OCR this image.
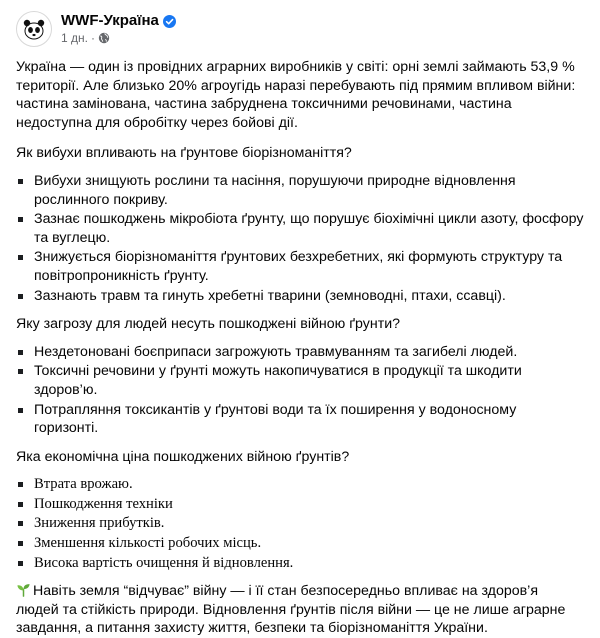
WWF-Україна
1 дн. ·

Україна — один із провідних аграрних виробників у світі: орні землі займають 53,9 % території. Але близько 20% агроугідь наразі перебувають під прямим впливом війни: частина замінована, частина забруднена токсичними речовинами, частина недоступна для обробітку через бойові дії.

Як вибухи впливають на ґрунтове біорізноманіття?

Вибухи знищують рослини та насіння, порушуючи природне відновлення рослинного покриву.
Зазнає пошкоджень мікробіота ґрунту, що порушує біохімічні цикли азоту, фосфору та вуглецю.
Знижується біорізноманіття ґрунтових безхребетних, які формують структуру та повітропроникність ґрунту.
Зазнають травм та гинуть хребетні тварини (земноводні, птахи, ссавці).

Яку загрозу для людей несуть пошкоджені війною ґрунти?

Нездетоновані боєприпаси загрожують травмуванням та загибелі людей.
Токсичні речовини у ґрунті можуть накопичуватися в продукції та шкодити здоров’ю.
Потрапляння токсикантів у ґрунтові води та їх поширення у водоносному горизонті.

Яка економічна ціна пошкоджених війною ґрунтів?

Втрата врожаю.
Пошкодження техніки
Зниження прибутків.
Зменшення кількості робочих місць.
Висока вартість очищення й відновлення.

Навіть земля “відчуває” війну — і її стан безпосередньо впливає на здоров’я людей та стійкість природи. Відновлення ґрунтів після війни — це не лише аграрне завдання, а питання захисту життя, безпеки та біорізноманіття України.
